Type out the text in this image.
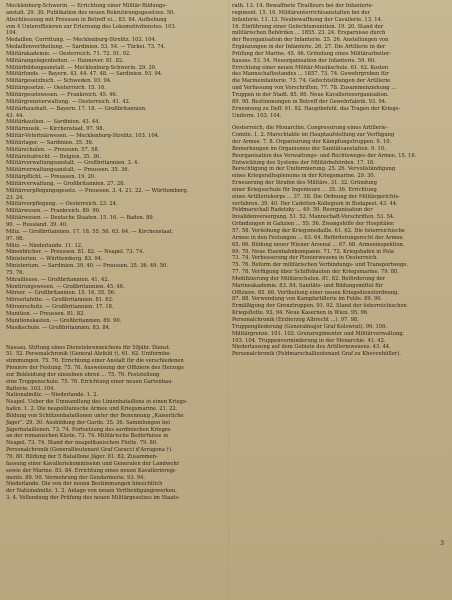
Mecklenburg-Schwerin. — Errichtung einer Militär-Bildungs-
anstalt. 29. 30. Publikation des neuen Rekrutirungsgesetzes. 50.
Abschliessung mit Preussen in Betreff ei... 83. 84. Aufhebung
von 4 Unteroffizieren zur Erlernung des Lokomotivdienstes. 103.
104.
Medaillen, Cerrittung. — Mecklenburg-Strelitz. 103. 104.
Medaillenvertheilung. — Sardinien. 53. 54. — Türkei. 73. 74.
Militärakademie. — Oesterreich. 71. 72. 91. 92.
Militärangelegenheiten. — Hannover. 81. 82.
Militärbildungsanstalt. — Mecklenburg-Schwerin. 29. 30.
Militärfonds. — Bayern. 43. 44. 47. 48. — Sardinien. 93. 94.
Militärgesetzbuch. — Schweden. 93. 94.
Militärgesetze. — Oesterreich. 15. 16.
Militärgesetzwesen. — Frankreich. 45. 46.
Militärgrenzverwaltung. — Oesterreich. 41. 42.
Militärhaushalt. — Bayern. 17. 18. — Großbritannien.
43. 44.
Militärkaution. — Sardinien. 43. 44.
Militärmusik. — Kirchenstaat. 97. 98.
Militär-Veterinärwesen. — Mecklenburg-Strelitz. 103. 104.
Militärlager. — Sardinien. 35. 36.
Militärschulen. — Preussen. 57. 58.
Militärstrafrecht. — Belgien. 35. 36.
Militärverwaltungsanstalt. — Großbritannien. 3. 4.
Militärverwaltungsanstalt. — Preussen. 35. 36.
Militärpflicht. — Preussen. 19. 20.
Militärverwaltung. — Großbritannien. 27. 28.
Militärverpflegungsgesetz. — Preussen. 3. 4. 21. 22. — Württemberg.
23. 24.
Militärverpflegung. — Oesterreich. 23. 24.
Militärwesen. — Frankreich. 89. 90.
Militärwesen. — Deutsche Staaten. 15. 16. — Baden. 89.
90. — Russland. 39. 40.
Miliz. — Großbritannien. 17. 18. 55. 56. 63. 64. — Kirchenstaat.
97. 98.
Miliz. — Niederlande. 11. 12.
Minenbücher. — Preussen. 81. 82. — Neapel. 73. 74.
Ministerien. — Württemberg. 83. 94.
Ministerium. — Sardinien. 39. 40. — Preussen. 35. 36. 49. 50.
75. 76.
Mitrailleuse. — Großbritannien. 41. 42.
Montirungswesen. — Großbritannien. 45. 46.
Mörser. — Großbritannien. 15. 16. 55. 56.
Mörserlafette. — Großbritannien. 81. 82.
Mörserschutz. — Großbritannien. 17. 18.
Munition. — Preussen. 81. 82.
Munitionskasten. — Großbritannien. 89. 90.
Musikschule. — Großbritannien. 83. 84.
Nassau. Stiftung eines Dienstehrenzeichens für 50jähr. Dienst.
51. 52. Personalchronik (General Alefeld †). 61. 62. Uniformbe-
stimmungen. 75. 76. Errichtung einer Anstalt für die verschiedenen
Pioniere der Festung. 75. 76. Ausweisung der Offiziere des Herzogs
zur Bekleidung der einzelnen ehren ... 75. 76. Feststellung
eine Truppenschule. 75. 76. Errichtung einer neuen Gartenbau-
Batterie. 103. 104.
Nationalmiliz. — Niederlande. 1. 2.
Neapel. Ueber die Umwandlung des Linienbataillons in einen Kriegs-
hafen. 1. 2. Die neapolitanische Armee und Kriegsmarine. 21. 22.
Bildung von Schützenbataillonen unter der Benennung „Kaiserliche
Jäger“. 29. 30. Ausbildung der Garde. 35. 36. Sammlungen bei
Jägerbataillonen. 73. 74. Fortsetzung des sardinischen Krieges
an der romanischen Küste. 73. 74. Militärische Bedürfnisse in
Neapel. 73. 74. Stand der neapolitanischen Flotte. 79. 80.
Personalchronik (Generallieutenant Graf Caracci d'Arragona †).
79. 80. Bildung der 5 Bataillone Jäger. 81. 82. Zusammen-
fassung einer Kavalleriekommission und Generalen der Landwehr
sowie der Marine. 83. 84. Errichtung eines neuen Kavallerieregi-
ments. 89. 90. Vermehrung der Gendarmerie. 93. 94.
Niederlande. Die von der neuen Bestimmungen hinsichtlich
der Nationalmiliz. 1. 2. Anlage von neuen Vertheidigungswerken.
3. 4. Vollendung der Prüfung des neuen Militärgesetzes im Staats-
rath. 13. 14. Bewaffnete Tirailleurs bei der Infanterie-
regiment. 15. 16. Militärunterrichtsanstalten bei der
Infanterie. 11. 12. Neubewaffnung der Cavallerie. 13. 14.
16. Einführung einer Gefechtsmunition. 19. 20. Stand der
militärischen Behörden ... 1855. 23. 24. Ersparnisse durch
der Reorganisation der Infanterie. 25. 26. Anstellungen von
Ergänzungen in der Infanterie. 26. 27. Die Artillerie in der
Prüfung der Marine. 45. 46. Gründung eines Militärarbeiter-
hauses. 53. 54. Neuorganisation der Infanterie. 59. 60.
Errichtung einer neuen Militär-Musikschule. 61. 62. Kosten
des Mannschaftsstandes ... 1857. 73. 74. Gewehrproben für
die Marineinfanterie. 73. 74. Gefechtsübungen der Artillerie
und Verfassung von Vorschriften. 77. 78. Zusammenziehung ...
Truppen in der Stadt. 85. 86. Neue Kavalleriesorganisation.
89. 90. Bestimmungen in Betreff der Gewehrfabrik. 93. 94.
Ernennung zu Deff. 91. 92. Hauptbefehl. das Tragen der Kriegs-
Uniform. 103. 104.
Oesterreich, die Monarchie. Congressirung eines Artillerie-
Comité. 1. 2. Marschtable im Hauptaufstellung zur Verfügung
der Armee. 7. 8. Organisirung der Kämpfungstruppen. 9. 10.
Bemerkungen im Organismus der Sanitätsanstalten. 9. 10.
Reorganisation des Verwaltungs- und Rechtsweges der Armee. 15. 16.
Entwicklung des Systems der Militärbehörden. 17. 18.
Berechtigung in der Uniformierung. 25. 26. Vervollständigung
eines Kriegsrathsplenums in der Kriegsmarine. 29. 30.
Erneuerung der Strafen des Militärs. 31. 32. Gründung
einer Kriegsschule für Ingenieure ... 35. 36. Errichtung
eines Artilleriekorps ... 37. 38. Die Ordnung der Militärgerichts-
verfahren. 39. 40. Der Cadetten-Kollegium in Budapest. 43. 44.
Feldmarschall Radetzky ... 49. 50. Reorganisation der
Invalidenversorgung. 51. 52. Mannschaft-Vorschriften. 53. 54.
Gründungen in Galizien ... 55. 56. Zwangshilfe der Hospitäler.
57. 58. Verleihung der Kriegsmedaille. 61. 62. Die österreichische
Armee in den Festungen ... 63. 64. Beförderungsrecht der Armee.
65. 66. Bildung neuer Wiener Arsenal ... 67. 68. Armeeinspektion.
69. 70. Neue Eisenbahnkompanie. 71. 72. Kriegshafen in Pola
73. 74. Verbesserung der Pionierwesens in Oesterreich.
75. 76. Reform der militärischen Verbindungs- und Transportwege.
77. 78. Verfügung über Schiffsbauten der Kriegsmarine. 79. 80.
Modifizierung der Militärschulen. 81. 82. Beförderung der
Marineakademie. 83. 84. Sanitäts- und Bildungsmittel für
Offiziere. 85. 86. Vertheilung einer neuen Kriegsdienstordnung.
87. 88. Verwendung von Kampfartillerie im Felde. 89. 90.
Ermäßigung der Grenztruppen. 91. 92. Stand der österreichischen
Kriegsflotte. 93. 94. Neue Kasernen in Wien. 95. 96.
Personalchronik (Erzherzog Albrecht ...). 97. 98.
Truppengliederung (Generalmajor Graf Kolowrat). 99. 100.
Militärgrenze. 101. 102. Grenzregimenter und Militärverwaltung.
103. 104. Truppenverminderung in der Monarchie. 41. 42.
Niederlassung auf dem Gebiete des Artilleriewesens. 43. 44.
Personalchronik (Feldmarschallieutenant Graf zu Khevenhüller).
3
